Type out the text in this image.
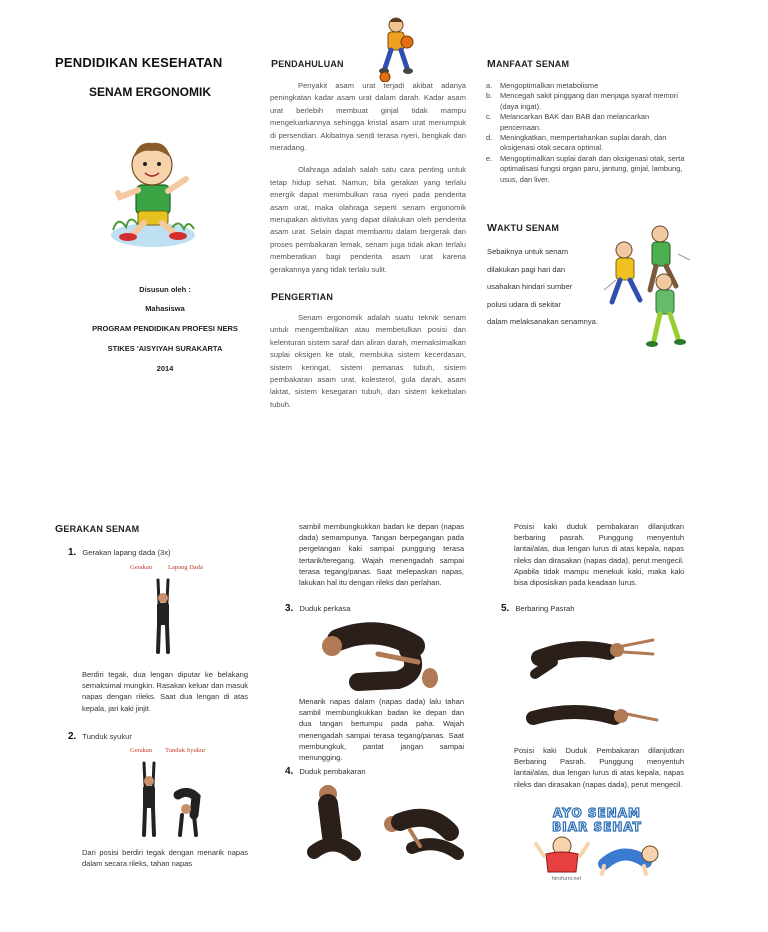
PENDIDIKAN KESEHATAN
SENAM ERGONOMIK
Disusun oleh :
Mahasiswa
PROGRAM PENDIDIKAN PROFESI NERS
STIKES 'AISYIYAH SURAKARTA
2014
PENDAHULUAN

Penyakit asam urat terjadi akibat adanya peningkatan kadar asam urat dalam darah. Kadar asam urat berlebih membuat ginjal tidak mampu mengeluarkannya sehingga kristal asam urat menumpuk di persendian. Akibatnya sendi terasa nyeri, bengkak dan meradang.

Olahraga adalah salah satu cara penting untuk tetap hidup sehat. Namun, bila gerakan yang terlalu energik dapat menimbulkan rasa nyeri pada penderita asam urat, maka olahraga seperti senam ergonomik merupakan aktivitas yang dapat dilakukan oleh penderita asam urat. Selain dapat membantu dalam bergerak dan proses pembakaran lemak, senam juga tidak akan terlalu memberatkan bagi penderita asam urat karena gerakannya yang tidak terlalu sulit.

PENGERTIAN

Senam ergonomik adalah suatu teknik senam untuk mengembalikan atau membetulkan posisi dan kelenturan sistem saraf dan aliran darah, memaksimalkan suplai oksigen ke otak, membuka sistem kecerdasan, sistem keringat, sistem pemanas tubuh, sistem pembakaran asam urat, kolesterol, gula darah, asam laktat, sistem kesegaran tubuh, dan sistem kekebalan tubuh.

MANFAAT SENAM
a. Mengoptimalkan metabolisme
b. Mencegah sakit pinggang dan menjaga syaraf memori (daya ingat).
c. Melancarkan BAK dan BAB dan melancarkan pencernaan.
d. Meningkatkan, mempertahankan suplai darah, dan oksigenasi otak secara optimal.
e. Mengoptimalkan suplai darah dan oksigenasi otak, serta optimalisasi fungsi organ paru, jantung, ginjal, lambung, usus, dan liver.
WAKTU SENAM
Sebaiknya untuk senam
dilakukan pagi hari dan
usahakan hindari sumber
polusi udara di sekitar
dalam melaksanakan senamnya.
GERAKAN SENAM
1. Gerakan lapang dada (3x)
Gerakan Lapang Dada
Berdiri tegak, dua lengan diputar ke belakang semaksimal mungkin. Rasakan keluar dan masuk napas dengan rileks. Saat dua lengan di atas kepala, jari kaki jinjit.
2. Tunduk syukur
Gerakan Tunduk Syukur
Dari posisi berdiri tegak dengan menarik napas dalam secara rileks, tahan napas
sambil membungkukkan badan ke depan (napas dada) semampunya. Tangan berpegangan pada pergelangan kaki sampai punggung terasa tertarik/teregang. Wajah menengadah sampai terasa tegang/panas. Saat melepaskan napas, lakukan hal itu dengan rileks dan perlahan.
3. Duduk perkasa
Menarik napas dalam (napas dada) lalu tahan sambil membungkukkan badan ke depan dan dua tangan bertumpu pada paha. Wajah menengadah sampai terasa tegang/panas. Saat membungkuk, pantat jangan sampai menungging.
4. Duduk pembakaran
Posisi kaki duduk pembakaran dilanjutkan berbaring pasrah. Punggung menyentuh lantai/alas, dua lengan lurus di atas kepala, napas rileks dan dirasakan (napas dada), perut mengecil. Apabila tidak mampu menekuk kaki, maka kaki bisa diposisikan pada keadaan lurus.
5. Berbaring Pasrah
Posisi kaki Duduk Pembakaran dilanjutkan Berbaring Pasrah. Punggung menyentuh lantai/alas, dua lengan lurus di atas kepala, napas rileks dan dirasakan (napas dada), perut mengecil.
AYO SENAM
BIAR SEHAT
hirofurni.net
